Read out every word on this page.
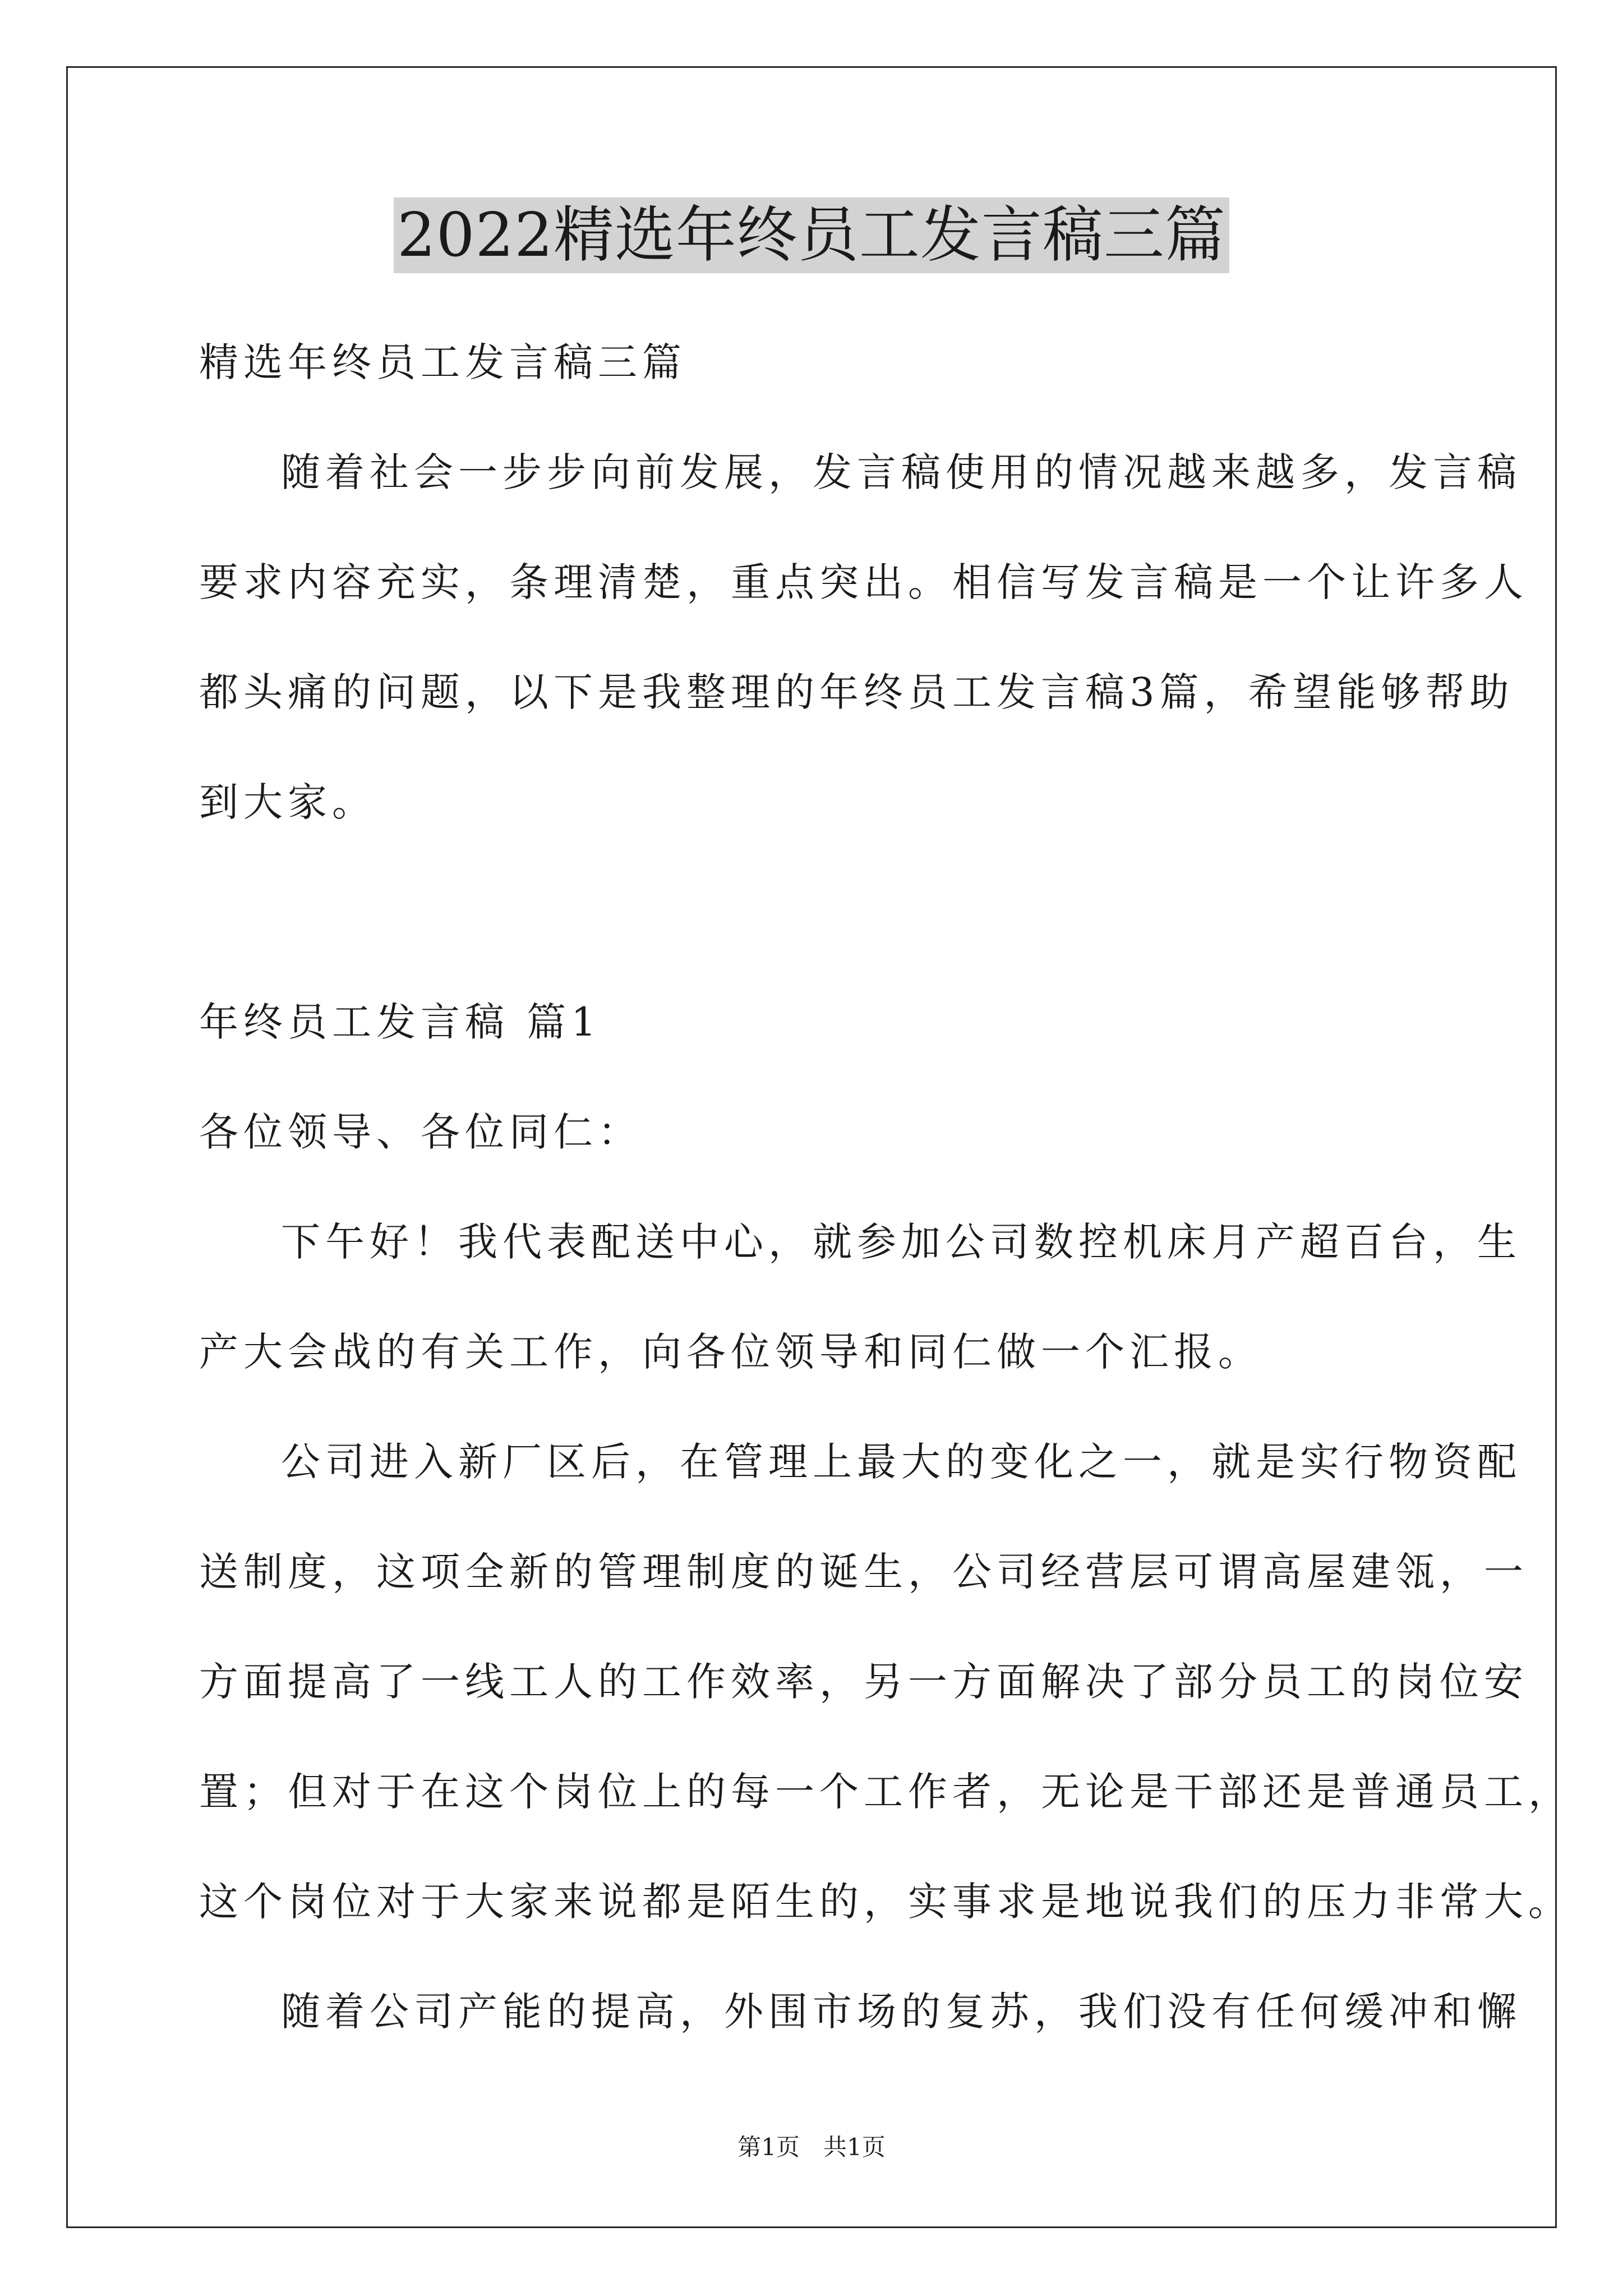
2022精选年终员工发言稿三篇
精选年终员工发言稿三篇
随着社会一步步向前发展，发言稿使用的情况越来越多，发言稿
要求内容充实，条理清楚，重点突出。相信写发言稿是一个让许多人
都头痛的问题，以下是我整理的年终员工发言稿3篇，希望能够帮助
到大家。
年终员工发言稿 篇1
各位领导、各位同仁：
下午好！我代表配送中心，就参加公司数控机床月产超百台，生
产大会战的有关工作，向各位领导和同仁做一个汇报。
公司进入新厂区后，在管理上最大的变化之一，就是实行物资配
送制度，这项全新的管理制度的诞生，公司经营层可谓高屋建瓴，一
方面提高了一线工人的工作效率，另一方面解决了部分员工的岗位安
置；但对于在这个岗位上的每一个工作者，无论是干部还是普通员工，
这个岗位对于大家来说都是陌生的，实事求是地说我们的压力非常大。
随着公司产能的提高，外围市场的复苏，我们没有任何缓冲和懈
第1页　共1页
